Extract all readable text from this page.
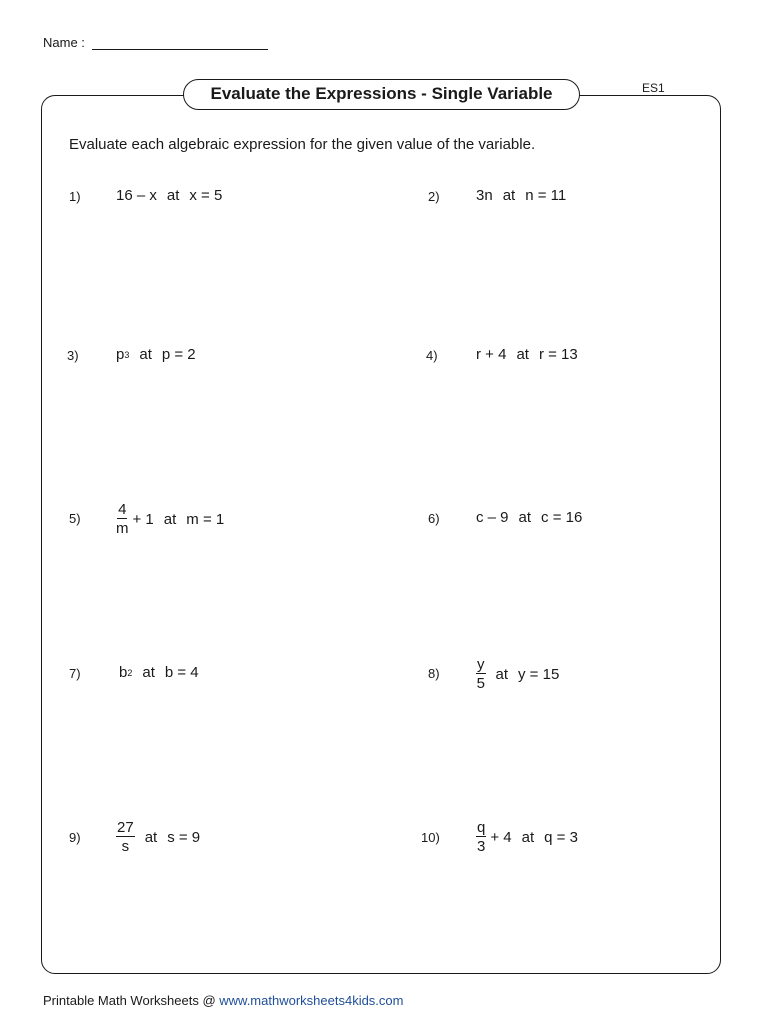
Name :
ES1
Evaluate the Expressions - Single Variable
Evaluate each algebraic expression for the given value of the variable.
1) 16 – x at x = 5	2) 3n at n = 11
3) p 3 at p = 2	4)	r + 4 at r = 13
$5) \frac{4}{m} + 1$ at m = 1	6) c – 9 at c = 16
7)	b 2 at b = 4	$8) \frac{y}{5}$ at y = 15
$9) \frac{27}{s}$ at s = 9	$10) \frac{q}{3} + 4$ at q = 3
Printable Math Worksheets @ www.mathworksheets4kids.com
